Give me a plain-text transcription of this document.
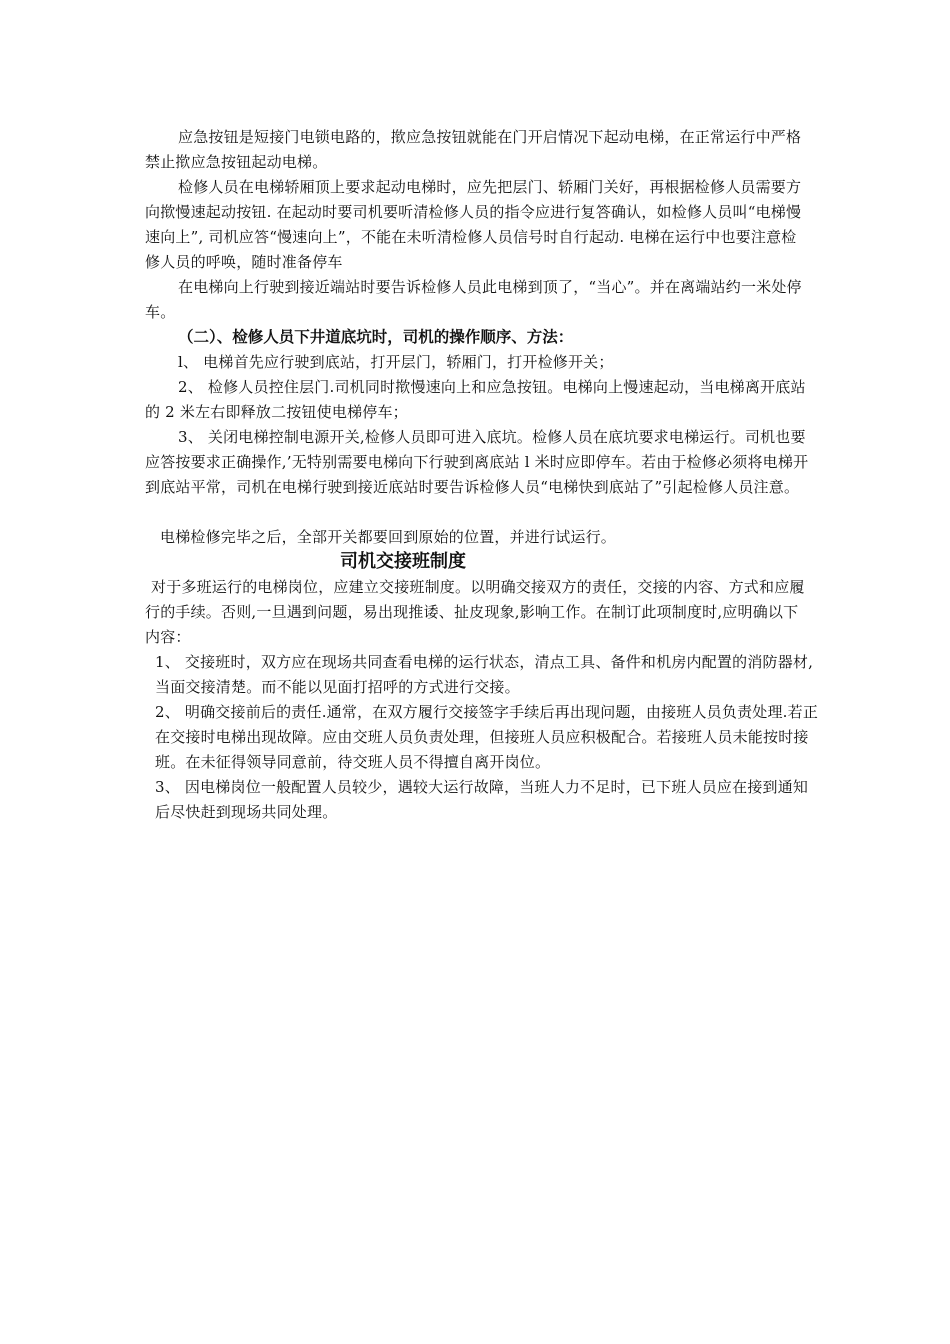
应急按钮是短接门电锁电路的，揿应急按钮就能在门开启情况下起动电梯，在正常运行中严格禁止揿应急按钮起动电梯。
检修人员在电梯轿厢顶上要求起动电梯时，应先把层门、轿厢门关好，再根据检修人员需要方向揿慢速起动按钮. 在起动时要司机要听清检修人员的指令应进行复答确认，如检修人员叫“电梯慢速向上”, 司机应答“慢速向上”，不能在未听清检修人员信号时自行起动. 电梯在运行中也要注意检修人员的呼唤，随时准备停车
在电梯向上行驶到接近端站时要告诉检修人员此电梯到顶了，“当心”。并在离端站约一米处停车。
（二）、检修人员下井道底坑时，司机的操作顺序、方法：
l、 电梯首先应行驶到底站，打开层门，轿厢门，打开检修开关；
2、 检修人员控住层门.司机同时揿慢速向上和应急按钮。电梯向上慢速起动，当电梯离开底站的 2 米左右即释放二按钮使电梯停车；
3、 关闭电梯控制电源开关,检修人员即可进入底坑。检修人员在底坑要求电梯运行。司机也要应答按要求正确操作,’无特别需要电梯向下行驶到离底站 l 米时应即停车。若由于检修必须将电梯开到底站平常，司机在电梯行驶到接近底站时要告诉检修人员“电梯快到底站了”引起检修人员注意。
电梯检修完毕之后，全部开关都要回到原始的位置，并进行试运行。
司机交接班制度
对于多班运行的电梯岗位，应建立交接班制度。以明确交接双方的责任，交接的内容、方式和应履行的手续。否则,一旦遇到问题，易出现推诿、扯皮现象,影响工作。在制订此项制度时,应明确以下内容：
1、 交接班时，双方应在现场共同查看电梯的运行状态，清点工具、备件和机房内配置的消防器材,当面交接清楚。而不能以见面打招呼的方式进行交接。
2、 明确交接前后的责任.通常，在双方履行交接签字手续后再出现问题，由接班人员负责处理.若正在交接时电梯出现故障。应由交班人员负责处理，但接班人员应积极配合。若接班人员未能按时接班。在未征得领导同意前，待交班人员不得擅自离开岗位。
3、 因电梯岗位一般配置人员较少，遇较大运行故障，当班人力不足时，已下班人员应在接到通知后尽快赶到现场共同处理。
